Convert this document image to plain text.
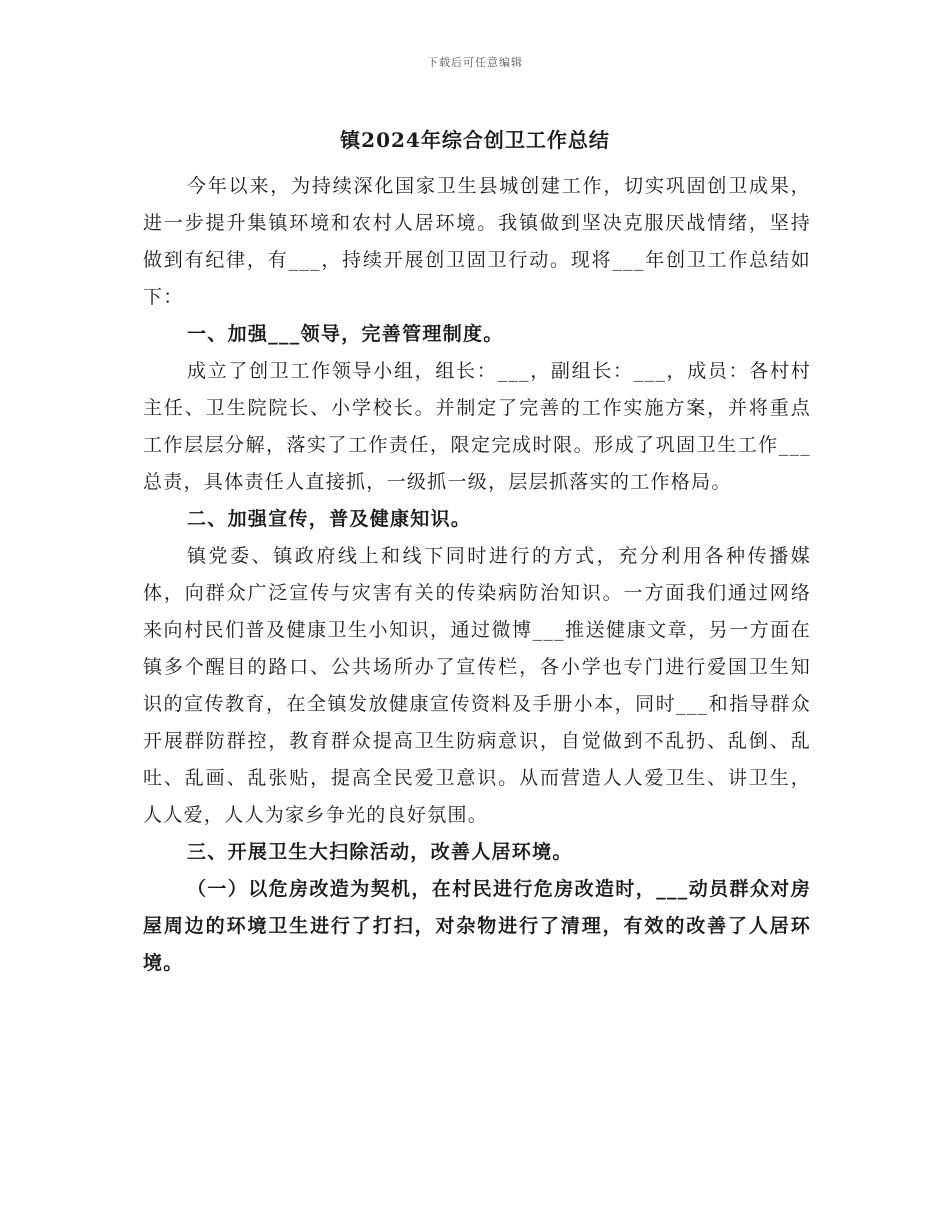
下载后可任意编辑
镇2024年综合创卫工作总结

今年以来，为持续深化国家卫生县城创建工作，切实巩固创卫成果，进一步提升集镇环境和农村人居环境。我镇做到坚决克服厌战情绪，坚持做到有纪律，有___，持续开展创卫固卫行动。现将___年创卫工作总结如下：

一、加强___领导，完善管理制度。

成立了创卫工作领导小组，组长：___，副组长：___，成员：各村村主任、卫生院院长、小学校长。并制定了完善的工作实施方案，并将重点工作层层分解，落实了工作责任，限定完成时限。形成了巩固卫生工作___总责，具体责任人直接抓，一级抓一级，层层抓落实的工作格局。

二、加强宣传，普及健康知识。

镇党委、镇政府线上和线下同时进行的方式，充分利用各种传播媒体，向群众广泛宣传与灾害有关的传染病防治知识。一方面我们通过网络来向村民们普及健康卫生小知识，通过微博___推送健康文章，另一方面在镇多个醒目的路口、公共场所办了宣传栏，各小学也专门进行爱国卫生知识的宣传教育，在全镇发放健康宣传资料及手册小本，同时___和指导群众开展群防群控，教育群众提高卫生防病意识，自觉做到不乱扔、乱倒、乱吐、乱画、乱张贴，提高全民爱卫意识。从而营造人人爱卫生、讲卫生，人人爱，人人为家乡争光的良好氛围。

三、开展卫生大扫除活动，改善人居环境。

（一）以危房改造为契机，在村民进行危房改造时，___动员群众对房屋周边的环境卫生进行了打扫，对杂物进行了清理，有效的改善了人居环境。
